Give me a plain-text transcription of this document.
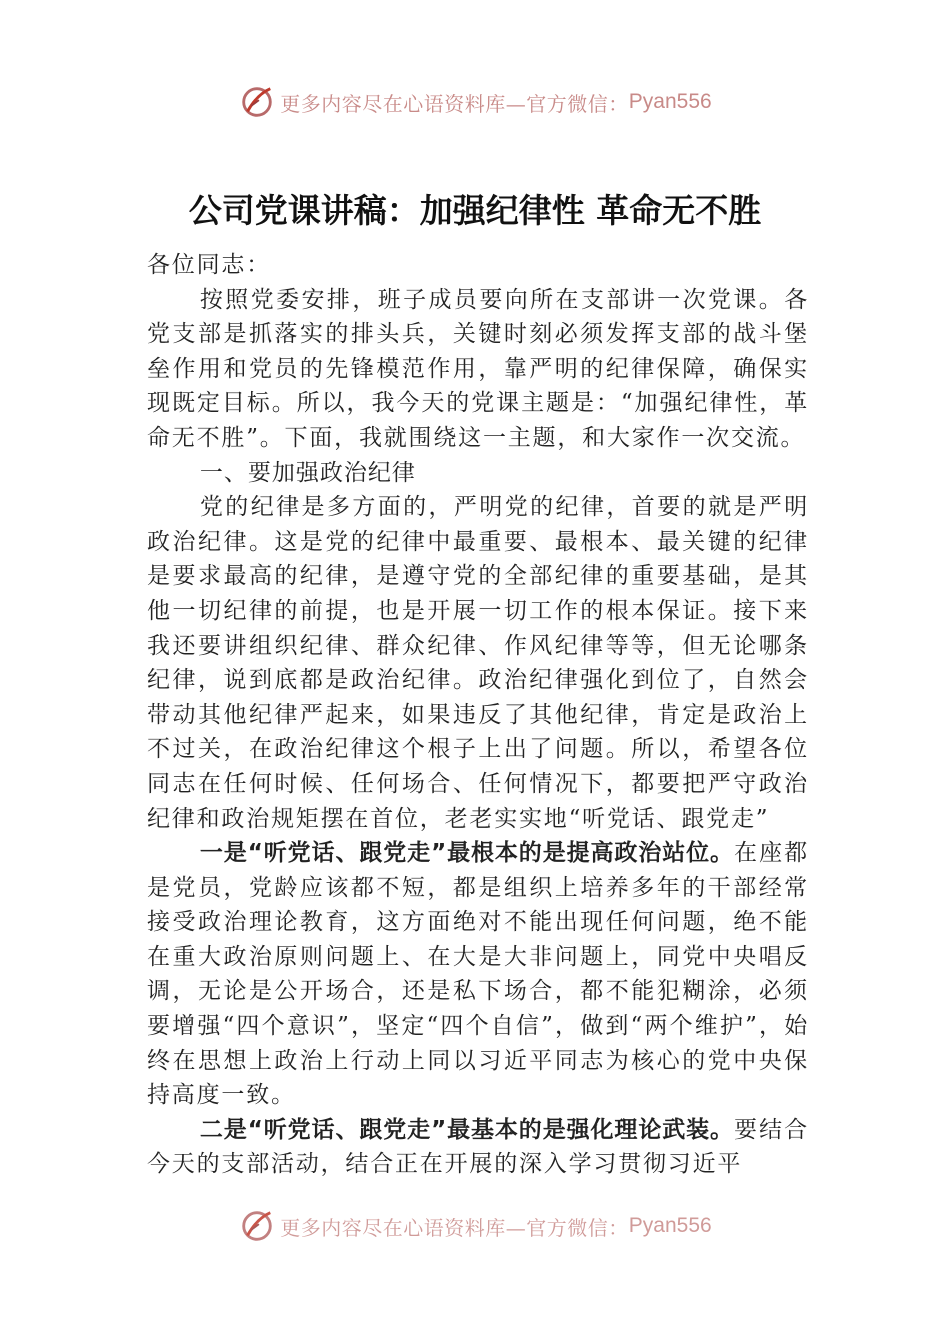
更多内容尽在心语资料库—官方微信： Pyan556
公司党课讲稿：加强纪律性 革命无不胜

各位同志：

按照党委安排，班子成员要向所在支部讲一次党课。各党支部是抓落实的排头兵，关键时刻必须发挥支部的战斗堡垒作用和党员的先锋模范作用，靠严明的纪律保障，确保实现既定目标。所以，我今天的党课主题是：“加强纪律性，革命无不胜”。下面，我就围绕这一主题，和大家作一次交流。

一、要加强政治纪律

党的纪律是多方面的，严明党的纪律，首要的就是严明政治纪律。这是党的纪律中最重要、最根本、最关键的纪律是要求最高的纪律，是遵守党的全部纪律的重要基础，是其他一切纪律的前提，也是开展一切工作的根本保证。接下来我还要讲组织纪律、群众纪律、作风纪律等等，但无论哪条纪律，说到底都是政治纪律。政治纪律强化到位了，自然会带动其他纪律严起来，如果违反了其他纪律，肯定是政治上不过关，在政治纪律这个根子上出了问题。所以，希望各位同志在任何时候、任何场合、任何情况下，都要把严守政治纪律和政治规矩摆在首位，老老实实地“听党话、跟党走”

一是“听党话、跟党走”最根本的是提高政治站位。在座都是党员，党龄应该都不短，都是组织上培养多年的干部经常接受政治理论教育，这方面绝对不能出现任何问题，绝不能在重大政治原则问题上、在大是大非问题上，同党中央唱反调，无论是公开场合，还是私下场合，都不能犯糊涂，必须要增强“四个意识”，坚定“四个自信”，做到“两个维护”，始终在思想上政治上行动上同以习近平同志为核心的党中央保持高度一致。

二是“听党话、跟党走”最基本的是强化理论武装。要结合今天的支部活动，结合正在开展的深入学习贯彻习近平

更多内容尽在心语资料库—官方微信： Pyan556
